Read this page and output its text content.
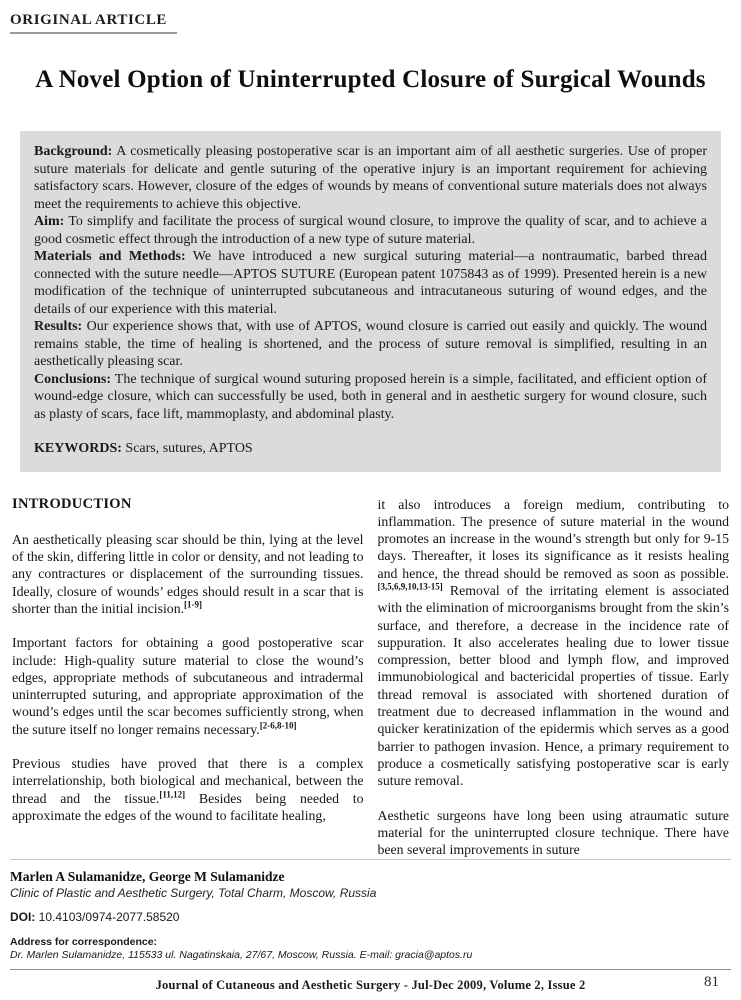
ORIGINAL ARTICLE
A Novel Option of Uninterrupted Closure of Surgical Wounds

Background: A cosmetically pleasing postoperative scar is an important aim of all aesthetic surgeries. Use of proper suture materials for delicate and gentle suturing of the operative injury is an important requirement for achieving satisfactory scars. However, closure of the edges of wounds by means of conventional suture materials does not always meet the requirements to achieve this objective.

Aim: To simplify and facilitate the process of surgical wound closure, to improve the quality of scar, and to achieve a good cosmetic effect through the introduction of a new type of suture material.

Materials and Methods: We have introduced a new surgical suturing material—a nontraumatic, barbed thread connected with the suture needle—APTOS SUTURE (European patent 1075843 as of 1999). Presented herein is a new modification of the technique of uninterrupted subcutaneous and intracutaneous suturing of wound edges, and the details of our experience with this material.

Results: Our experience shows that, with use of APTOS, wound closure is carried out easily and quickly. The wound remains stable, the time of healing is shortened, and the process of suture removal is simplified, resulting in an aesthetically pleasing scar.

Conclusions: The technique of surgical wound suturing proposed herein is a simple, facilitated, and efficient option of wound-edge closure, which can successfully be used, both in general and in aesthetic surgery for wound closure, such as plasty of scars, face lift, mammoplasty, and abdominal plasty.

KEYWORDS: Scars, sutures, APTOS

INTRODUCTION

An aesthetically pleasing scar should be thin, lying at the level of the skin, differing little in color or density, and not leading to any contractures or displacement of the surrounding tissues. Ideally, closure of wounds’ edges should result in a scar that is shorter than the initial incision.[1-9]

Important factors for obtaining a good postoperative scar include: High-quality suture material to close the wound’s edges, appropriate methods of subcutaneous and intradermal uninterrupted suturing, and appropriate approximation of the wound’s edges until the scar becomes sufficiently strong, when the suture itself no longer remains necessary.[2-6,8-10]

Previous studies have proved that there is a complex interrelationship, both biological and mechanical, between the thread and the tissue.[11,12] Besides being needed to approximate the edges of the wound to facilitate healing,

it also introduces a foreign medium, contributing to inflammation. The presence of suture material in the wound promotes an increase in the wound’s strength but only for 9-15 days. Thereafter, it loses its significance as it resists healing and hence, the thread should be removed as soon as possible.[3,5,6,9,10,13-15] Removal of the irritating element is associated with the elimination of microorganisms brought from the skin’s surface, and therefore, a decrease in the incidence rate of suppuration. It also accelerates healing due to lower tissue compression, better blood and lymph flow, and improved immunobiological and bactericidal properties of tissue. Early thread removal is associated with shortened duration of treatment due to decreased inflammation in the wound and quicker keratinization of the epidermis which serves as a good barrier to pathogen invasion. Hence, a primary requirement to produce a cosmetically satisfying postoperative scar is early suture removal.

Aesthetic surgeons have long been using atraumatic suture material for the uninterrupted closure technique. There have been several improvements in suture

Marlen A Sulamanidze, George M Sulamanidze
Clinic of Plastic and Aesthetic Surgery, Total Charm, Moscow, Russia
DOI: 10.4103/0974-2077.58520
Address for correspondence:
Dr. Marlen Sulamanidze, 115533 ul. Nagatinskaia, 27/67, Moscow, Russia. E-mail: gracia@aptos.ru
Journal of Cutaneous and Aesthetic Surgery - Jul-Dec 2009, Volume 2, Issue 2	81
